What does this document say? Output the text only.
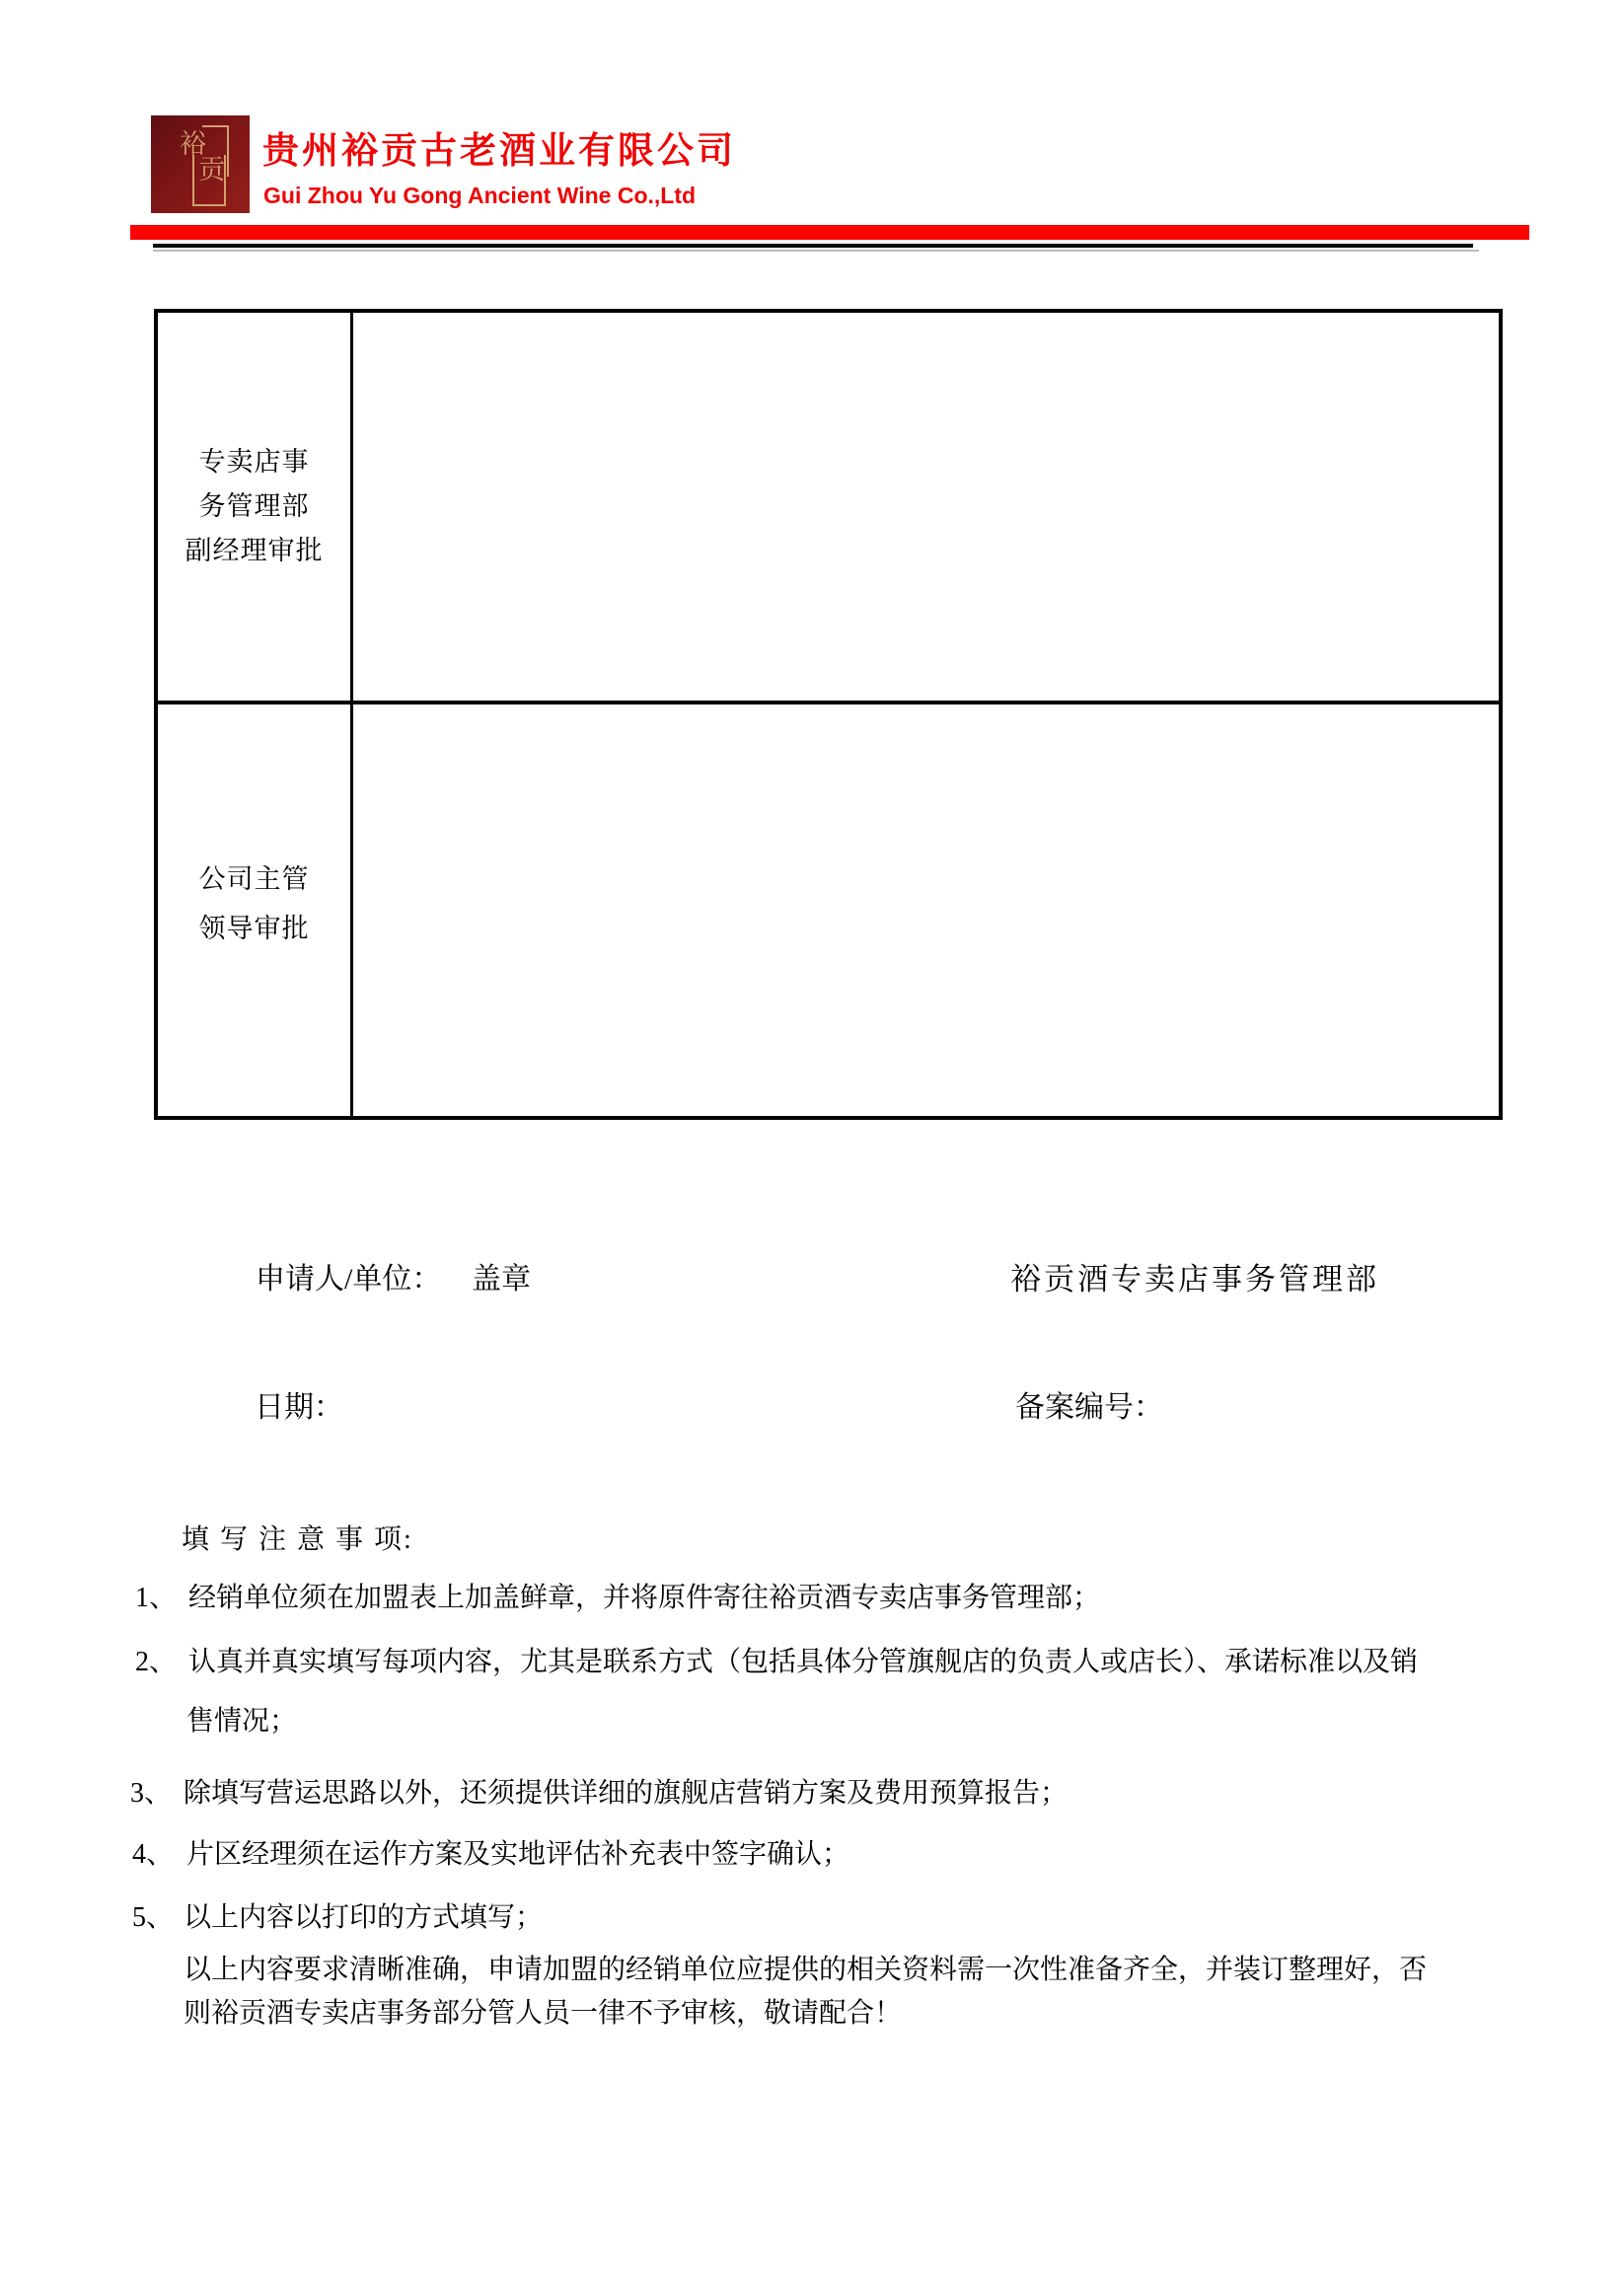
裕
贡 贵州裕贡古老酒业有限公司
Gui Zhou Yu Gong Ancient Wine Co.,Ltd
专卖店事
务管理部
副经理审批
公司主管
领导审批
申请人/单位： 盖章	裕贡酒专卖店事务管理部
日期：	备案编号：
填 写 注 意 事 项:
1、 经销单位须在加盟表上加盖鲜章，并将原件寄往裕贡酒专卖店事务管理部；
2、 认真并真实填写每项内容，尤其是联系方式（包括具体分管旗舰店的负责人或店长）、承诺标准以及销
售情况；
3、 除填写营运思路以外，还须提供详细的旗舰店营销方案及费用预算报告；
4、 片区经理须在运作方案及实地评估补充表中签字确认；
5、 以上内容以打印的方式填写；
以上内容要求清晰准确，申请加盟的经销单位应提供的相关资料需一次性准备齐全，并装订整理好，否
则裕贡酒专卖店事务部分管人员一律不予审核，敬请配合！
